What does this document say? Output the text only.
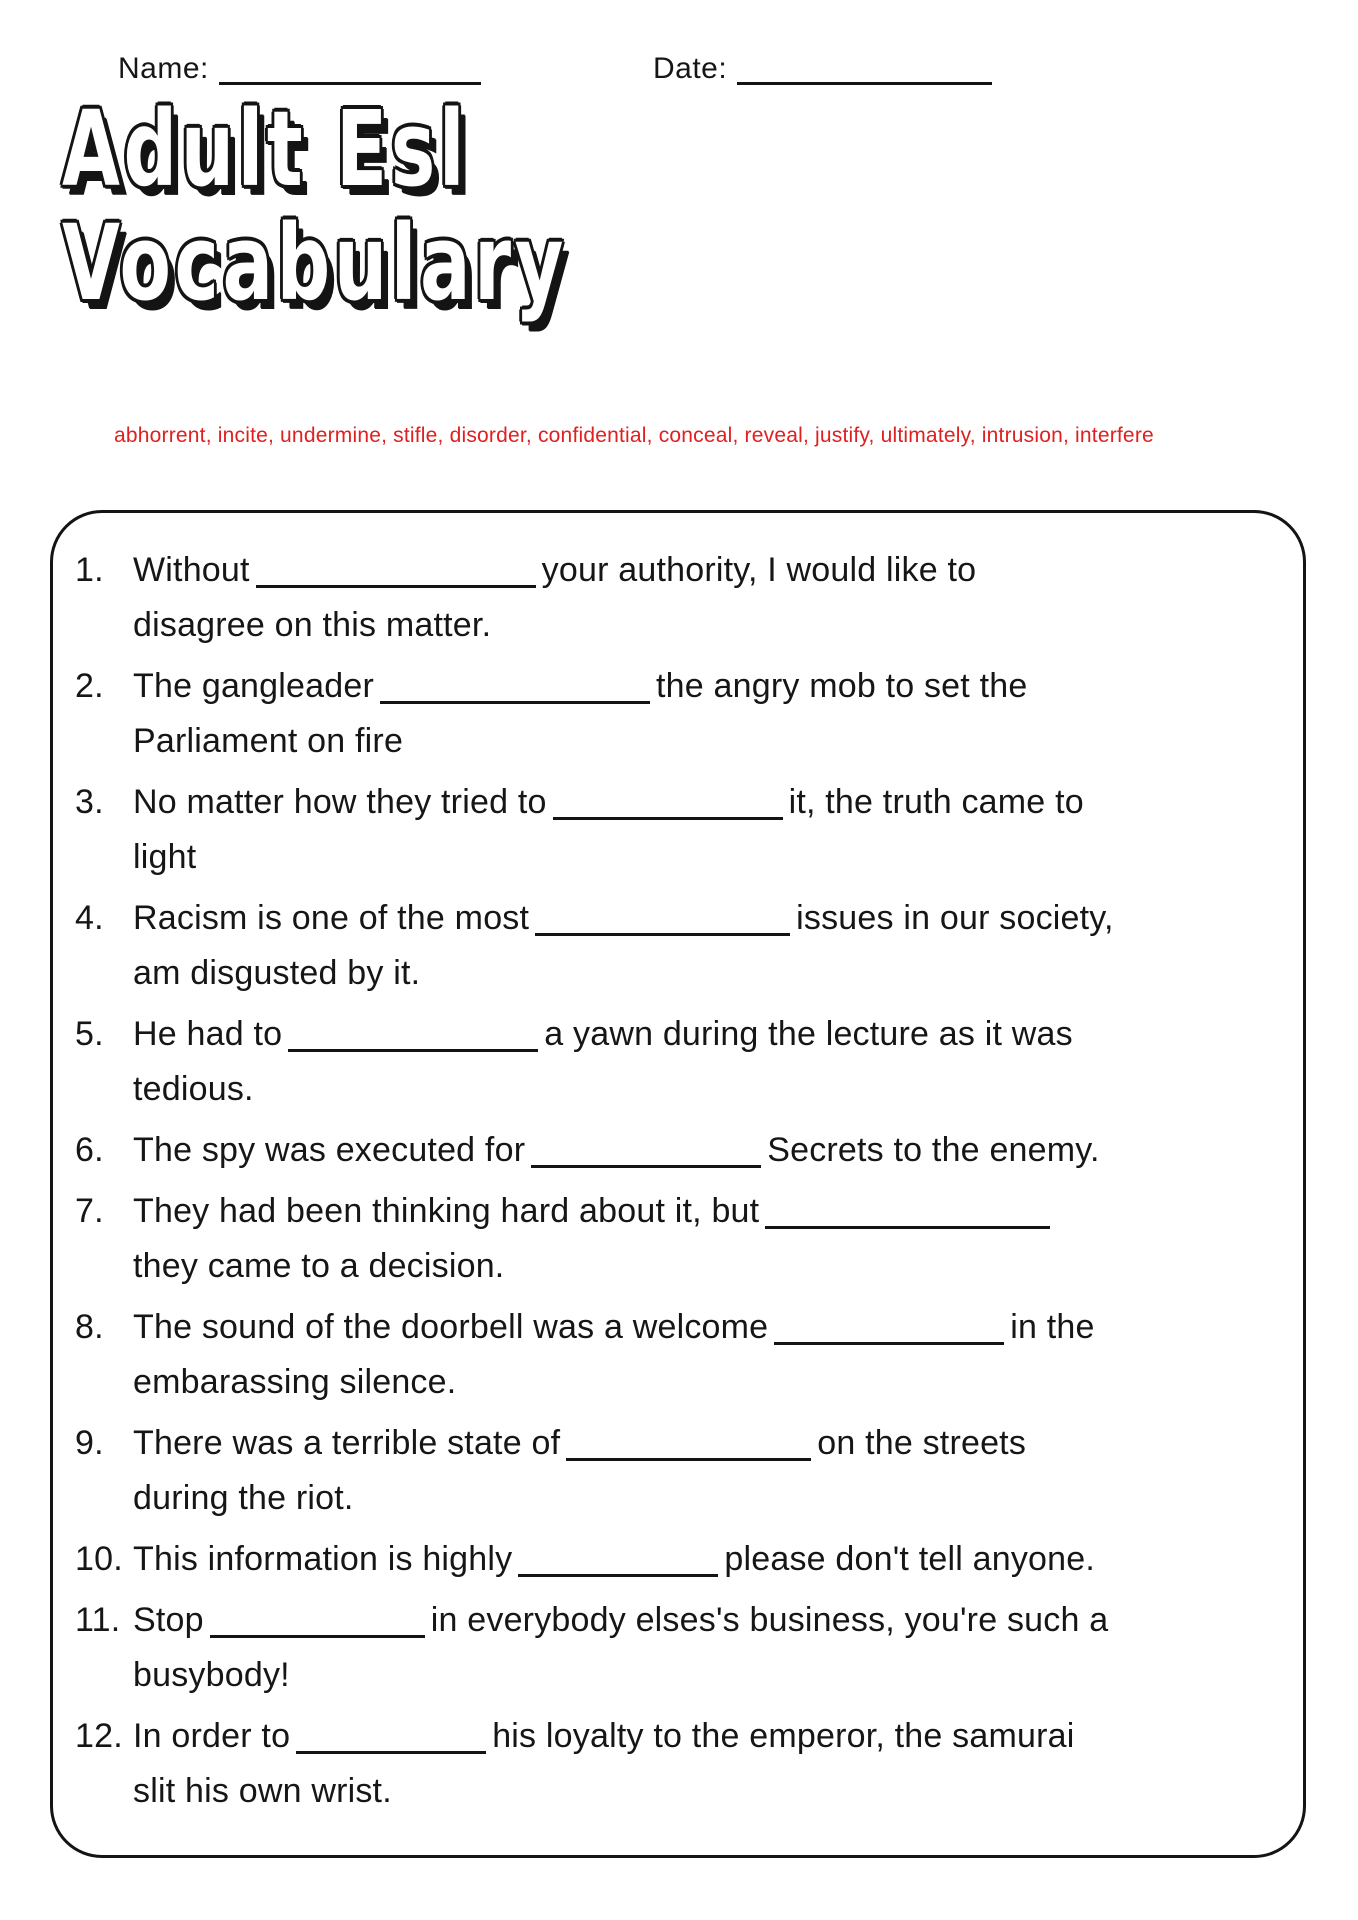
Name:	Date:
Adult Esl
Vocabulary

abhorrent, incite, undermine, stifle, disorder, confidential, conceal, reveal, justify, ultimately, intrusion, interfere

1. Without	your authority, I would like to
disagree on this matter.
2. The gangleader	the angry mob to set the
Parliament on fire
3. No matter how they tried to	it, the truth came to
light
4. Racism is one of the most	issues in our society,
am disgusted by it.
5. He had to	a yawn during the lecture as it was
tedious.
6. The spy was executed for	Secrets to the enemy.
7. They had been thinking hard about it, but
they came to a decision.
8. The sound of the doorbell was a welcome	in the
embarassing silence.
9. There was a terrible state of	on the streets
during the riot.
10. This information is highly	please don't tell anyone.
11. Stop	in everybody elses's business, you're such a
busybody!
12. In order to	his loyalty to the emperor, the samurai
slit his own wrist.
